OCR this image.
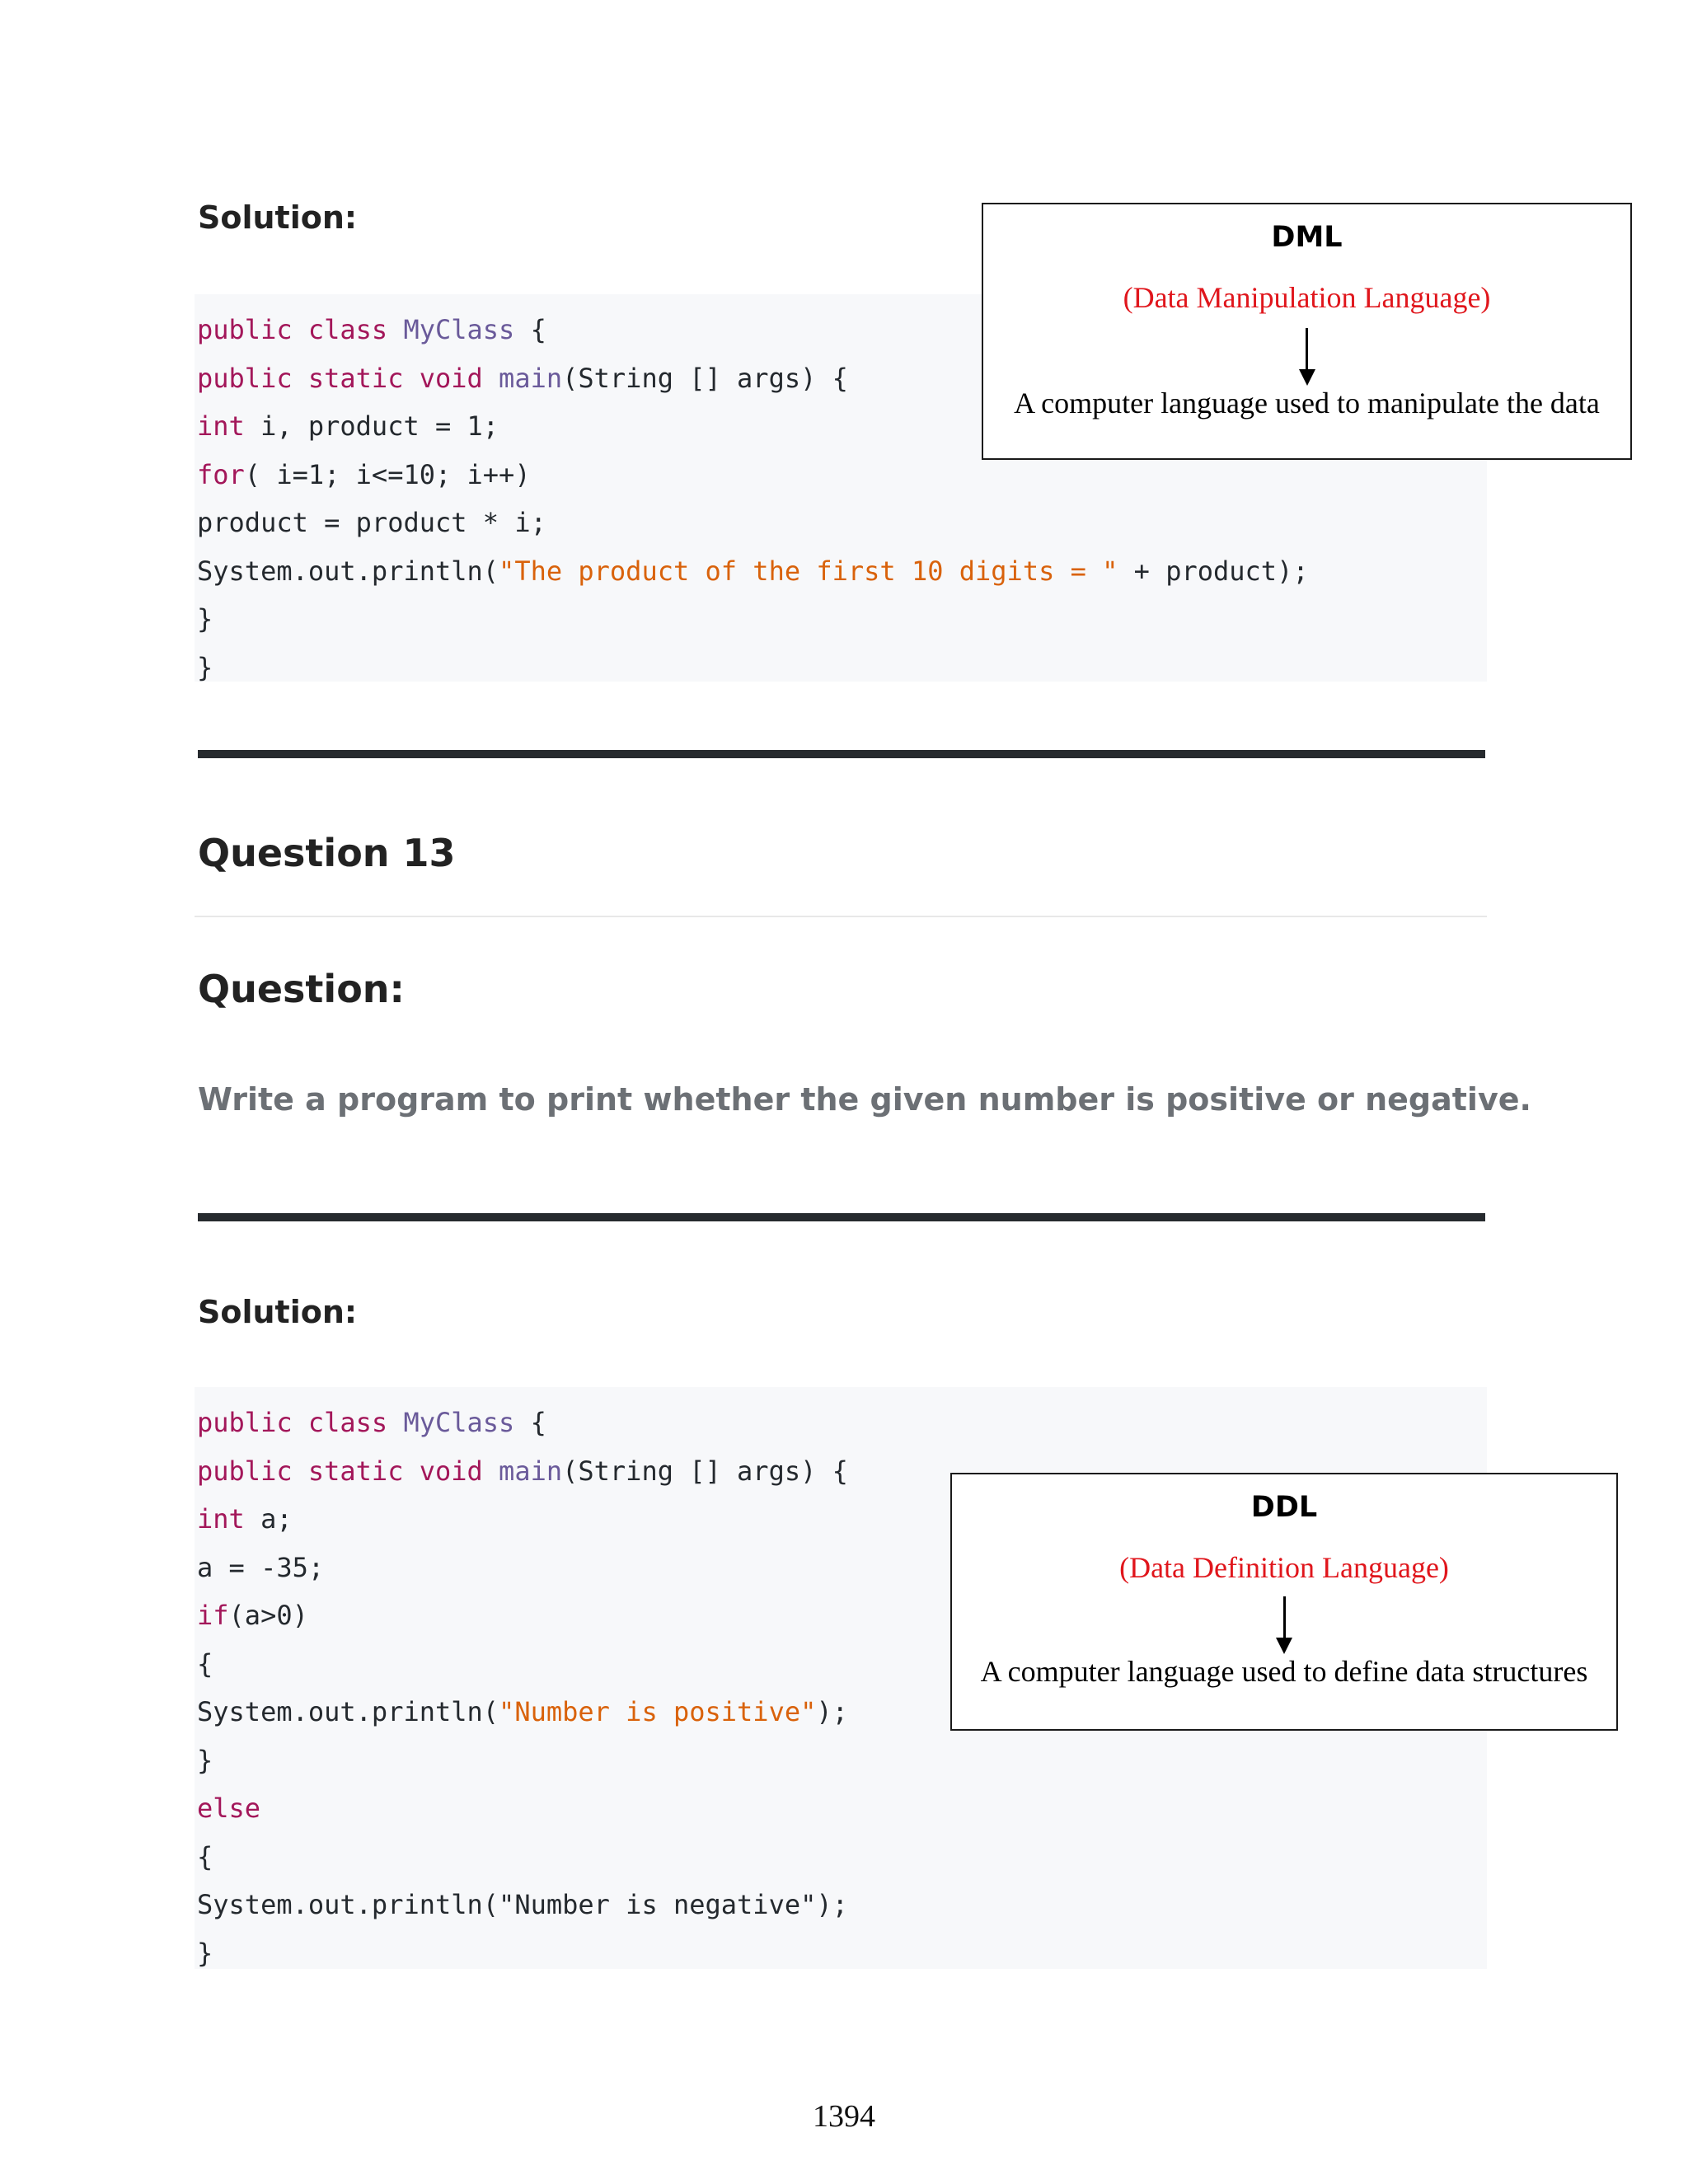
Solution:
public class MyClass {
public static void main(String [] args) {
int i, product = 1;
for( i=1; i<=10; i++)
product = product * i;
System.out.println("The product of the first 10 digits = " + product);
}
}
DML
(Data Manipulation Language)
A computer language used to manipulate the data
Question 13
Question:

Write a program to print whether the given number is positive or negative.

Solution:
public class MyClass {
public static void main(String [] args) {
int a;
a = -35;
if(a>0)
{
System.out.println("Number is positive");
}
else
{
System.out.println("Number is negative");
}
DDL
(Data Definition Language)
A computer language used to define data structures
1394
